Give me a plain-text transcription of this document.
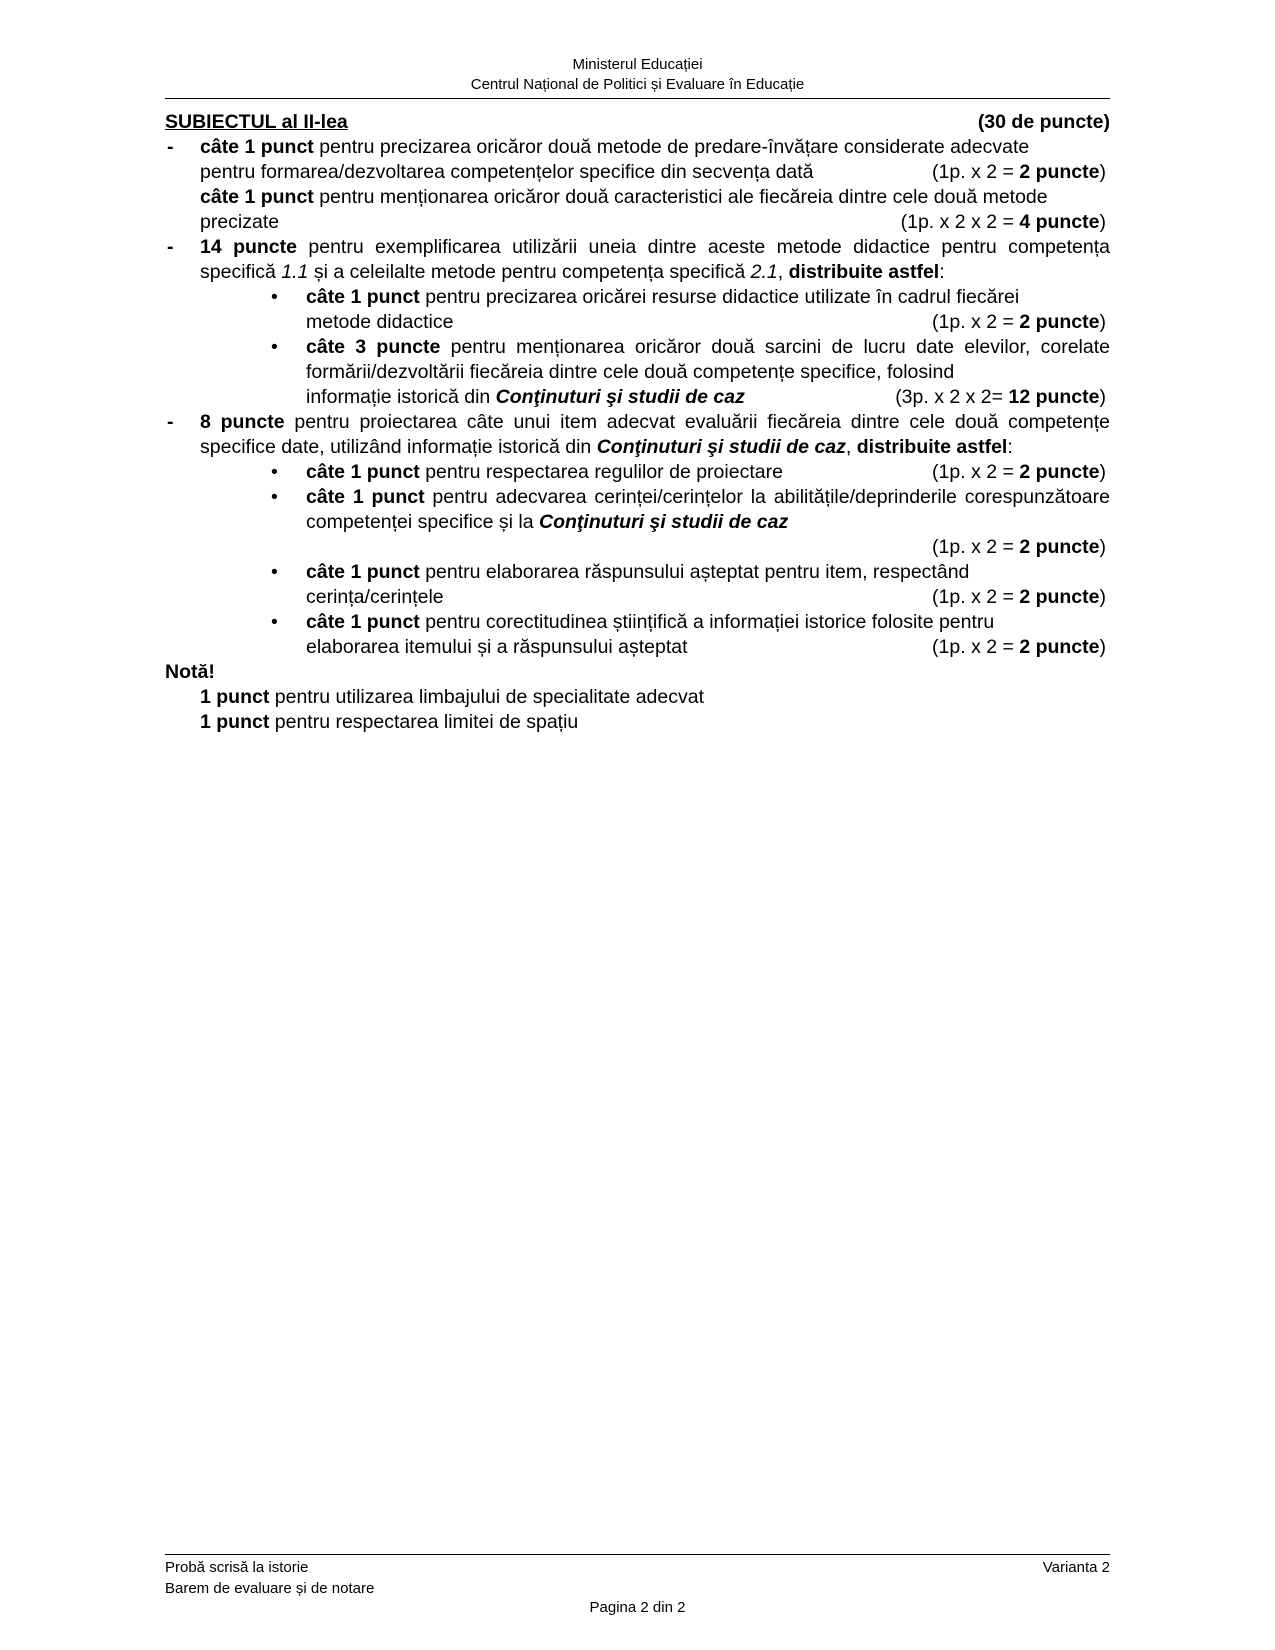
Ministerul Educației
Centrul Național de Politici și Evaluare în Educație
SUBIECTUL al II-lea	(30 de puncte)
- câte 1 punct pentru precizarea oricăror două metode de predare-învățare considerate adecvate
pentru formarea/dezvoltarea competențelor specifice din secvența dată	(1p. x 2 = 2 puncte)
câte 1 punct pentru menționarea oricăror două caracteristici ale fiecăreia dintre cele două metode
precizate	(1p. x 2 x 2 = 4 puncte)
- 14 puncte pentru exemplificarea utilizării uneia dintre aceste metode didactice pentru competența specifică 1.1 și a celeilalte metode pentru competența specifică 2.1, distribuite astfel:
• câte 1 punct pentru precizarea oricărei resurse didactice utilizate în cadrul fiecărei
metode didactice	(1p. x 2 = 2 puncte)
• câte 3 puncte pentru menționarea oricăror două sarcini de lucru date elevilor, corelate formării/dezvoltării fiecăreia dintre cele două competențe specifice, folosind
informație istorică din Conţinuturi şi studii de caz	(3p. x 2 x 2= 12 puncte)
- 8 puncte pentru proiectarea câte unui item adecvat evaluării fiecăreia dintre cele două competențe specifice date, utilizând informație istorică din Conţinuturi şi studii de caz, distribuite astfel:
• câte 1 punct pentru respectarea regulilor de proiectare	(1p. x 2 = 2 puncte)
• câte 1 punct pentru adecvarea cerinței/cerințelor la abilitățile/deprinderile corespunzătoare competenței specifice și la Conţinuturi şi studii de caz
(1p. x 2 = 2 puncte)
• câte 1 punct pentru elaborarea răspunsului așteptat pentru item, respectând
cerința/cerințele	(1p. x 2 = 2 puncte)
• câte 1 punct pentru corectitudinea științifică a informației istorice folosite pentru
elaborarea itemului și a răspunsului așteptat	(1p. x 2 = 2 puncte)
Notă!
1 punct pentru utilizarea limbajului de specialitate adecvat
1 punct pentru respectarea limitei de spațiu
Probă scrisă la istorie
Barem de evaluare și de notare
Varianta 2
Pagina 2 din 2
